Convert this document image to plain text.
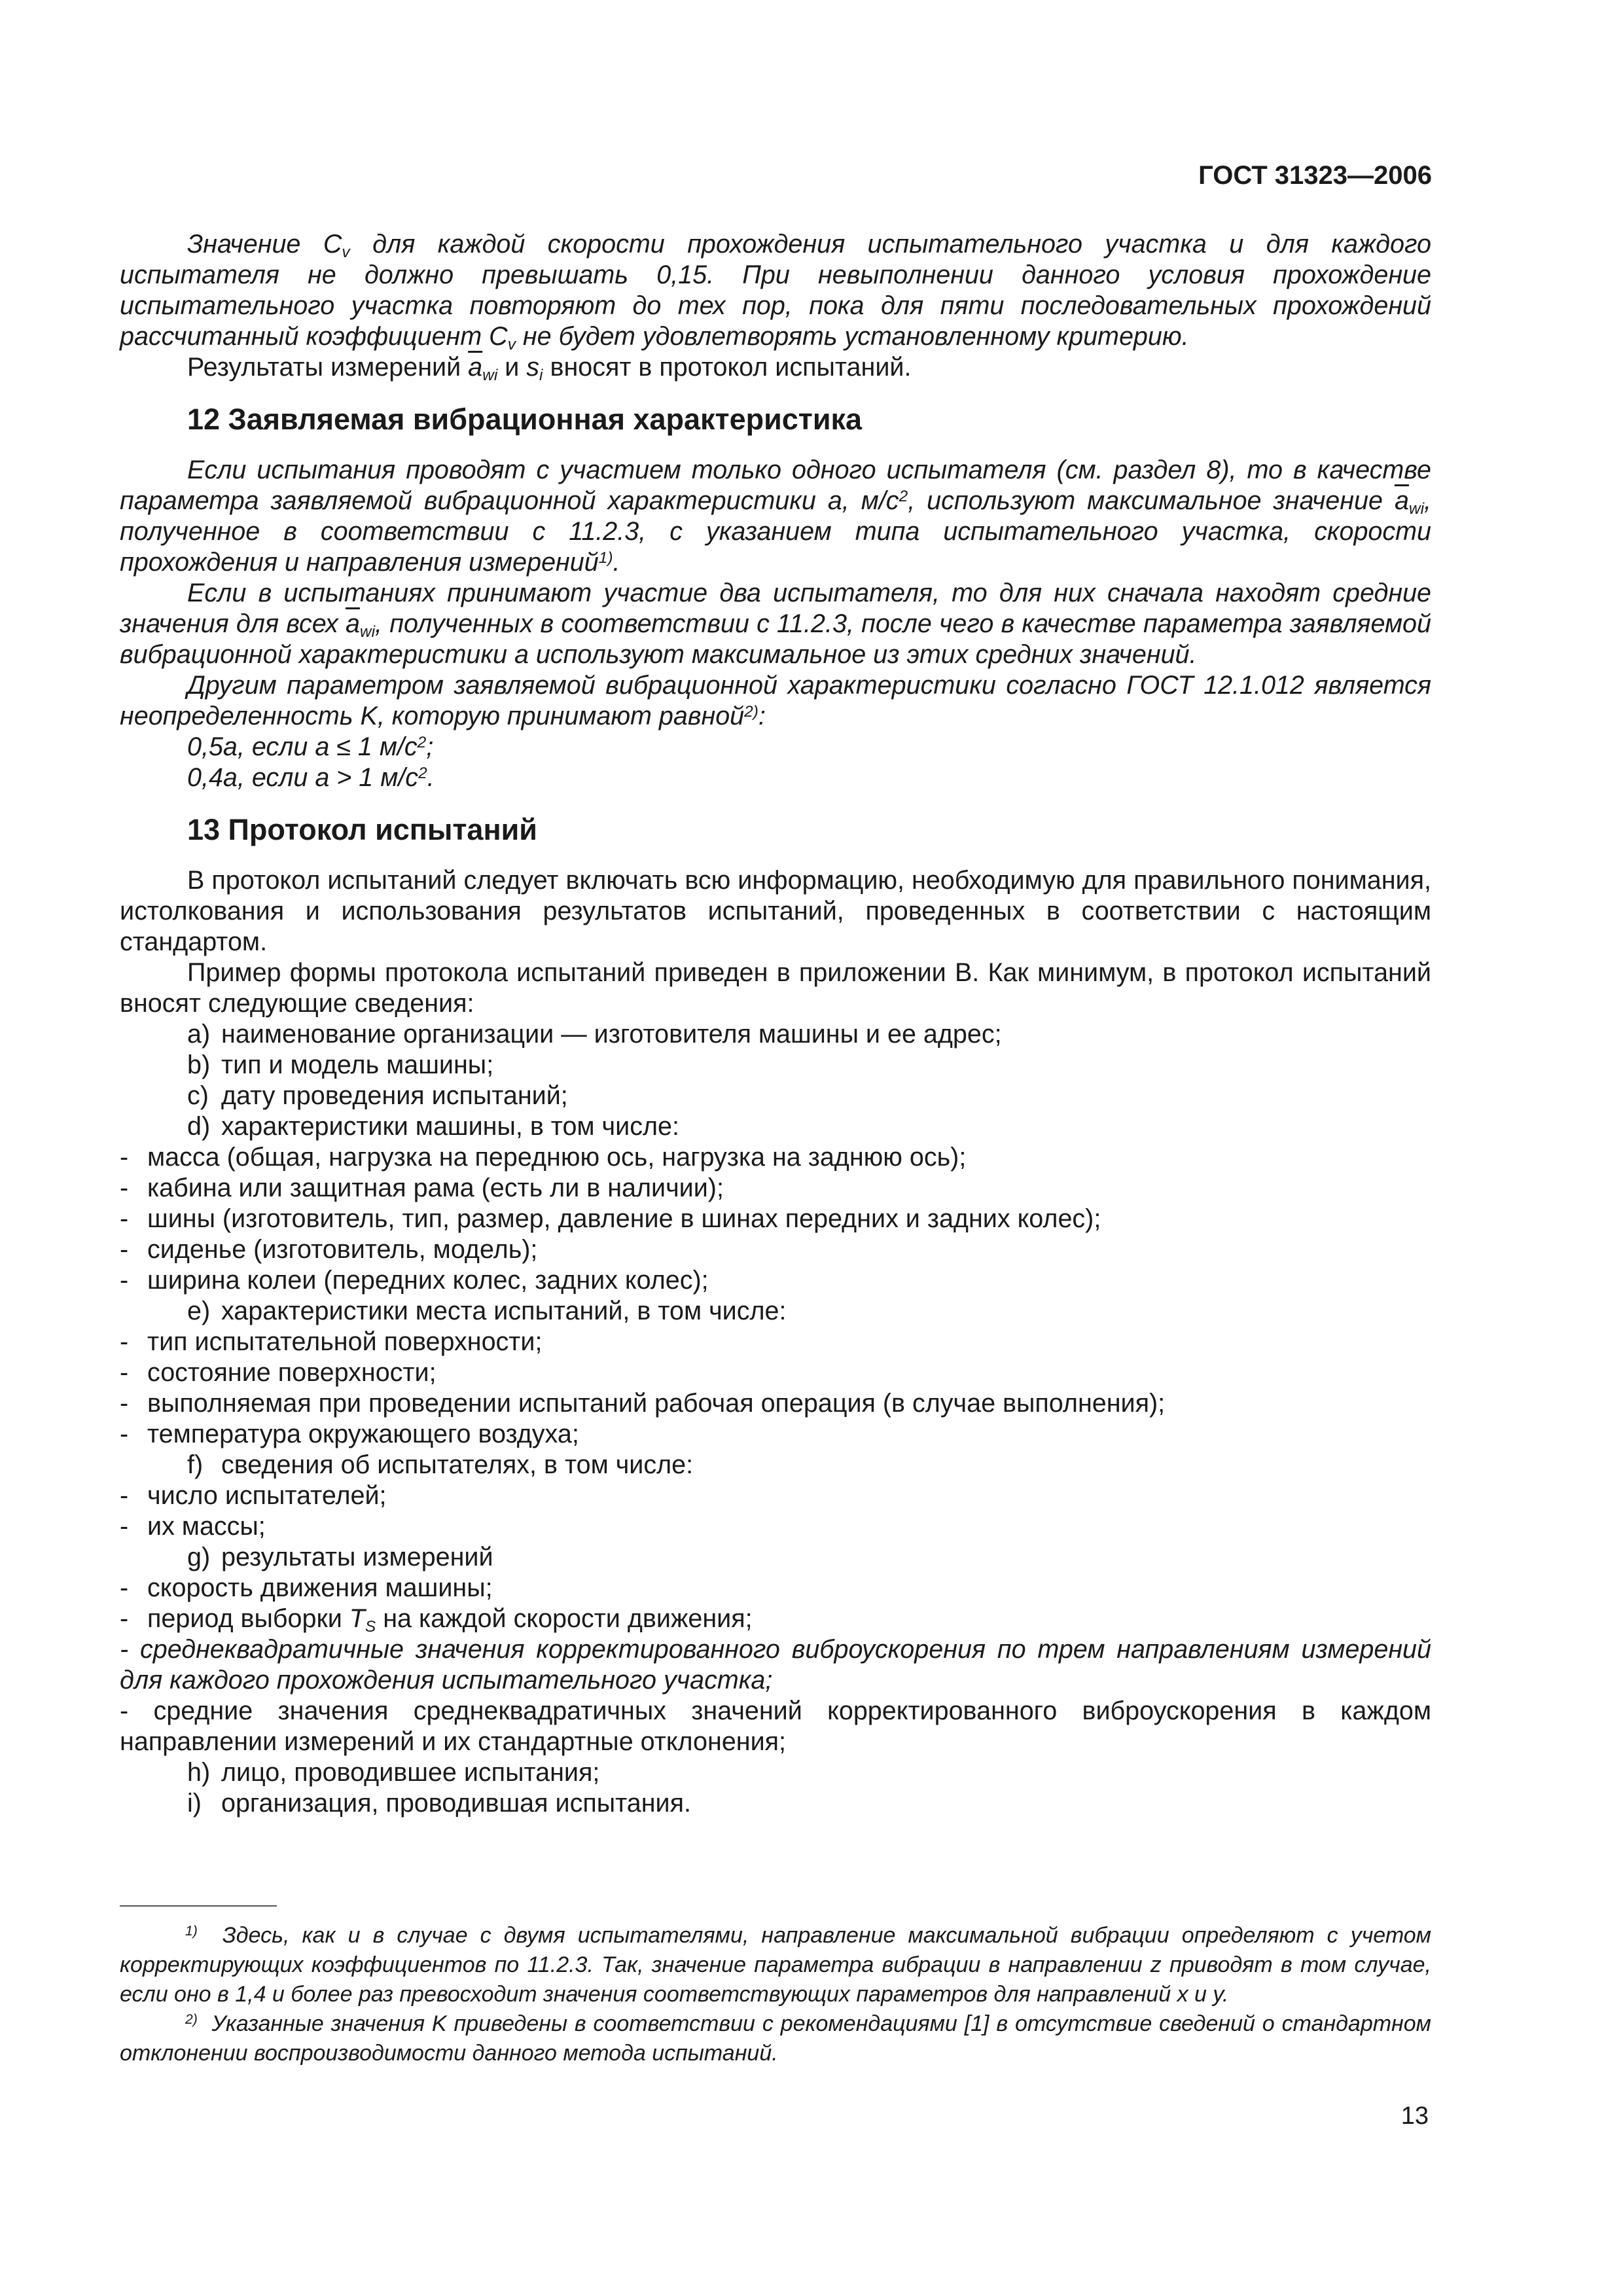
ГОСТ 31323—2006

Значение $C_v$ для каждой скорости прохождения испытательного участка и для каждого испытателя не должно превышать 0,15. При невыполнении данного условия прохождение испытательного участка повторяют до тех пор, пока для пяти последовательных прохождений рассчитанный коэффициент $C_v$ не будет удовлетворять установленному критерию.

Результаты измерений $\overline{a}_{wi}$ и $s_i$ вносят в протокол испытаний.

12 Заявляемая вибрационная характеристика

Если испытания проводят с участием только одного испытателя (см. раздел 8), то в качестве параметра заявляемой вибрационной характеристики a, $м/с^2$, используют максимальное значение $\overline{a}_{wi}$, полученное в соответствии с 11.2.3, с указанием типа испытательного участка, скорости прохождения и направления измерений$^{1)}$.

Если в испытаниях принимают участие два испытателя, то для них сначала находят средние значения для всех $\overline{a}_{wi}$, полученных в соответствии с 11.2.3, после чего в качестве параметра заявляемой вибрационной характеристики a используют максимальное из этих средних значений.

Другим параметром заявляемой вибрационной характеристики согласно ГОСТ 12.1.012 является неопределенность K, которую принимают равной$^{2)}$:

0,5a, если a ≤ 1 $м/с^2$;

0,4a, если a > 1 $м/с^2$.

13 Протокол испытаний

В протокол испытаний следует включать всю информацию, необходимую для правильного понимания, истолкования и использования результатов испытаний, проведенных в соответствии с настоящим стандартом.

Пример формы протокола испытаний приведен в приложении В. Как минимум, в протокол испытаний вносят следующие сведения:

a) наименование организации — изготовителя машины и ее адрес;

b) тип и модель машины;

c) дату проведения испытаний;

d) характеристики машины, в том числе:

- масса (общая, нагрузка на переднюю ось, нагрузка на заднюю ось);

- кабина или защитная рама (есть ли в наличии);

- шины (изготовитель, тип, размер, давление в шинах передних и задних колес);

- сиденье (изготовитель, модель);

- ширина колеи (передних колес, задних колес);

e) характеристики места испытаний, в том числе:

- тип испытательной поверхности;

- состояние поверхности;

- выполняемая при проведении испытаний рабочая операция (в случае выполнения);

- температура окружающего воздуха;

f) сведения об испытателях, в том числе:

- число испытателей;

- их массы;

g) результаты измерений

- скорость движения машины;

- период выборки $T_S$ на каждой скорости движения;

- среднеквадратичные значения корректированного виброускорения по трем направлениям измерений для каждого прохождения испытательного участка;

- средние значения среднеквадратичных значений корректированного виброускорения в каждом направлении измерений и их стандартные отклонения;

h) лицо, проводившее испытания;

i) организация, проводившая испытания.

$^{1)}$ Здесь, как и в случае с двумя испытателями, направление максимальной вибрации определяют с учетом корректирующих коэффициентов по 11.2.3. Так, значение параметра вибрации в направлении z приводят в том случае, если оно в 1,4 и более раз превосходит значения соответствующих параметров для направлений x и y.

$^{2)}$ Указанные значения K приведены в соответствии с рекомендациями [1] в отсутствие сведений о стандартном отклонении воспроизводимости данного метода испытаний.

13
